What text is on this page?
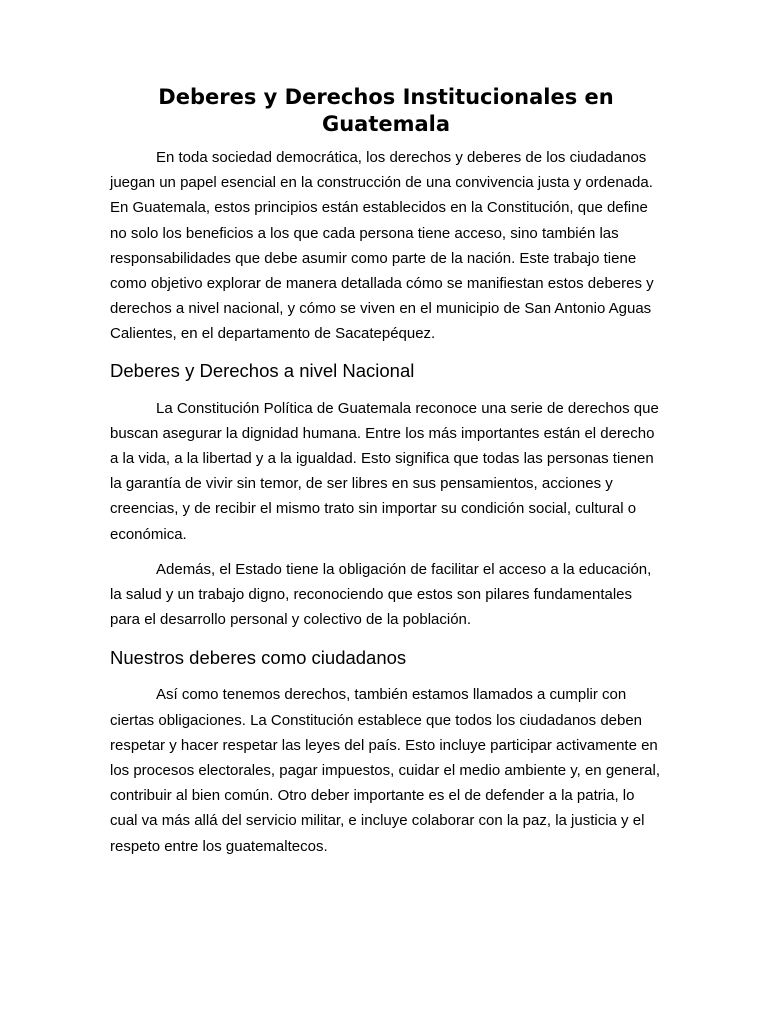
Deberes y Derechos Institucionales en Guatemala

En toda sociedad democrática, los derechos y deberes de los ciudadanos juegan un papel esencial en la construcción de una convivencia justa y ordenada. En Guatemala, estos principios están establecidos en la Constitución, que define no solo los beneficios a los que cada persona tiene acceso, sino también las responsabilidades que debe asumir como parte de la nación. Este trabajo tiene como objetivo explorar de manera detallada cómo se manifiestan estos deberes y derechos a nivel nacional, y cómo se viven en el municipio de San Antonio Aguas Calientes, en el departamento de Sacatepéquez.

Deberes y Derechos a nivel Nacional

La Constitución Política de Guatemala reconoce una serie de derechos que buscan asegurar la dignidad humana. Entre los más importantes están el derecho a la vida, a la libertad y a la igualdad. Esto significa que todas las personas tienen la garantía de vivir sin temor, de ser libres en sus pensamientos, acciones y creencias, y de recibir el mismo trato sin importar su condición social, cultural o económica.

Además, el Estado tiene la obligación de facilitar el acceso a la educación, la salud y un trabajo digno, reconociendo que estos son pilares fundamentales para el desarrollo personal y colectivo de la población.

Nuestros deberes como ciudadanos

Así como tenemos derechos, también estamos llamados a cumplir con ciertas obligaciones. La Constitución establece que todos los ciudadanos deben respetar y hacer respetar las leyes del país. Esto incluye participar activamente en los procesos electorales, pagar impuestos, cuidar el medio ambiente y, en general, contribuir al bien común. Otro deber importante es el de defender a la patria, lo cual va más allá del servicio militar, e incluye colaborar con la paz, la justicia y el respeto entre los guatemaltecos.
